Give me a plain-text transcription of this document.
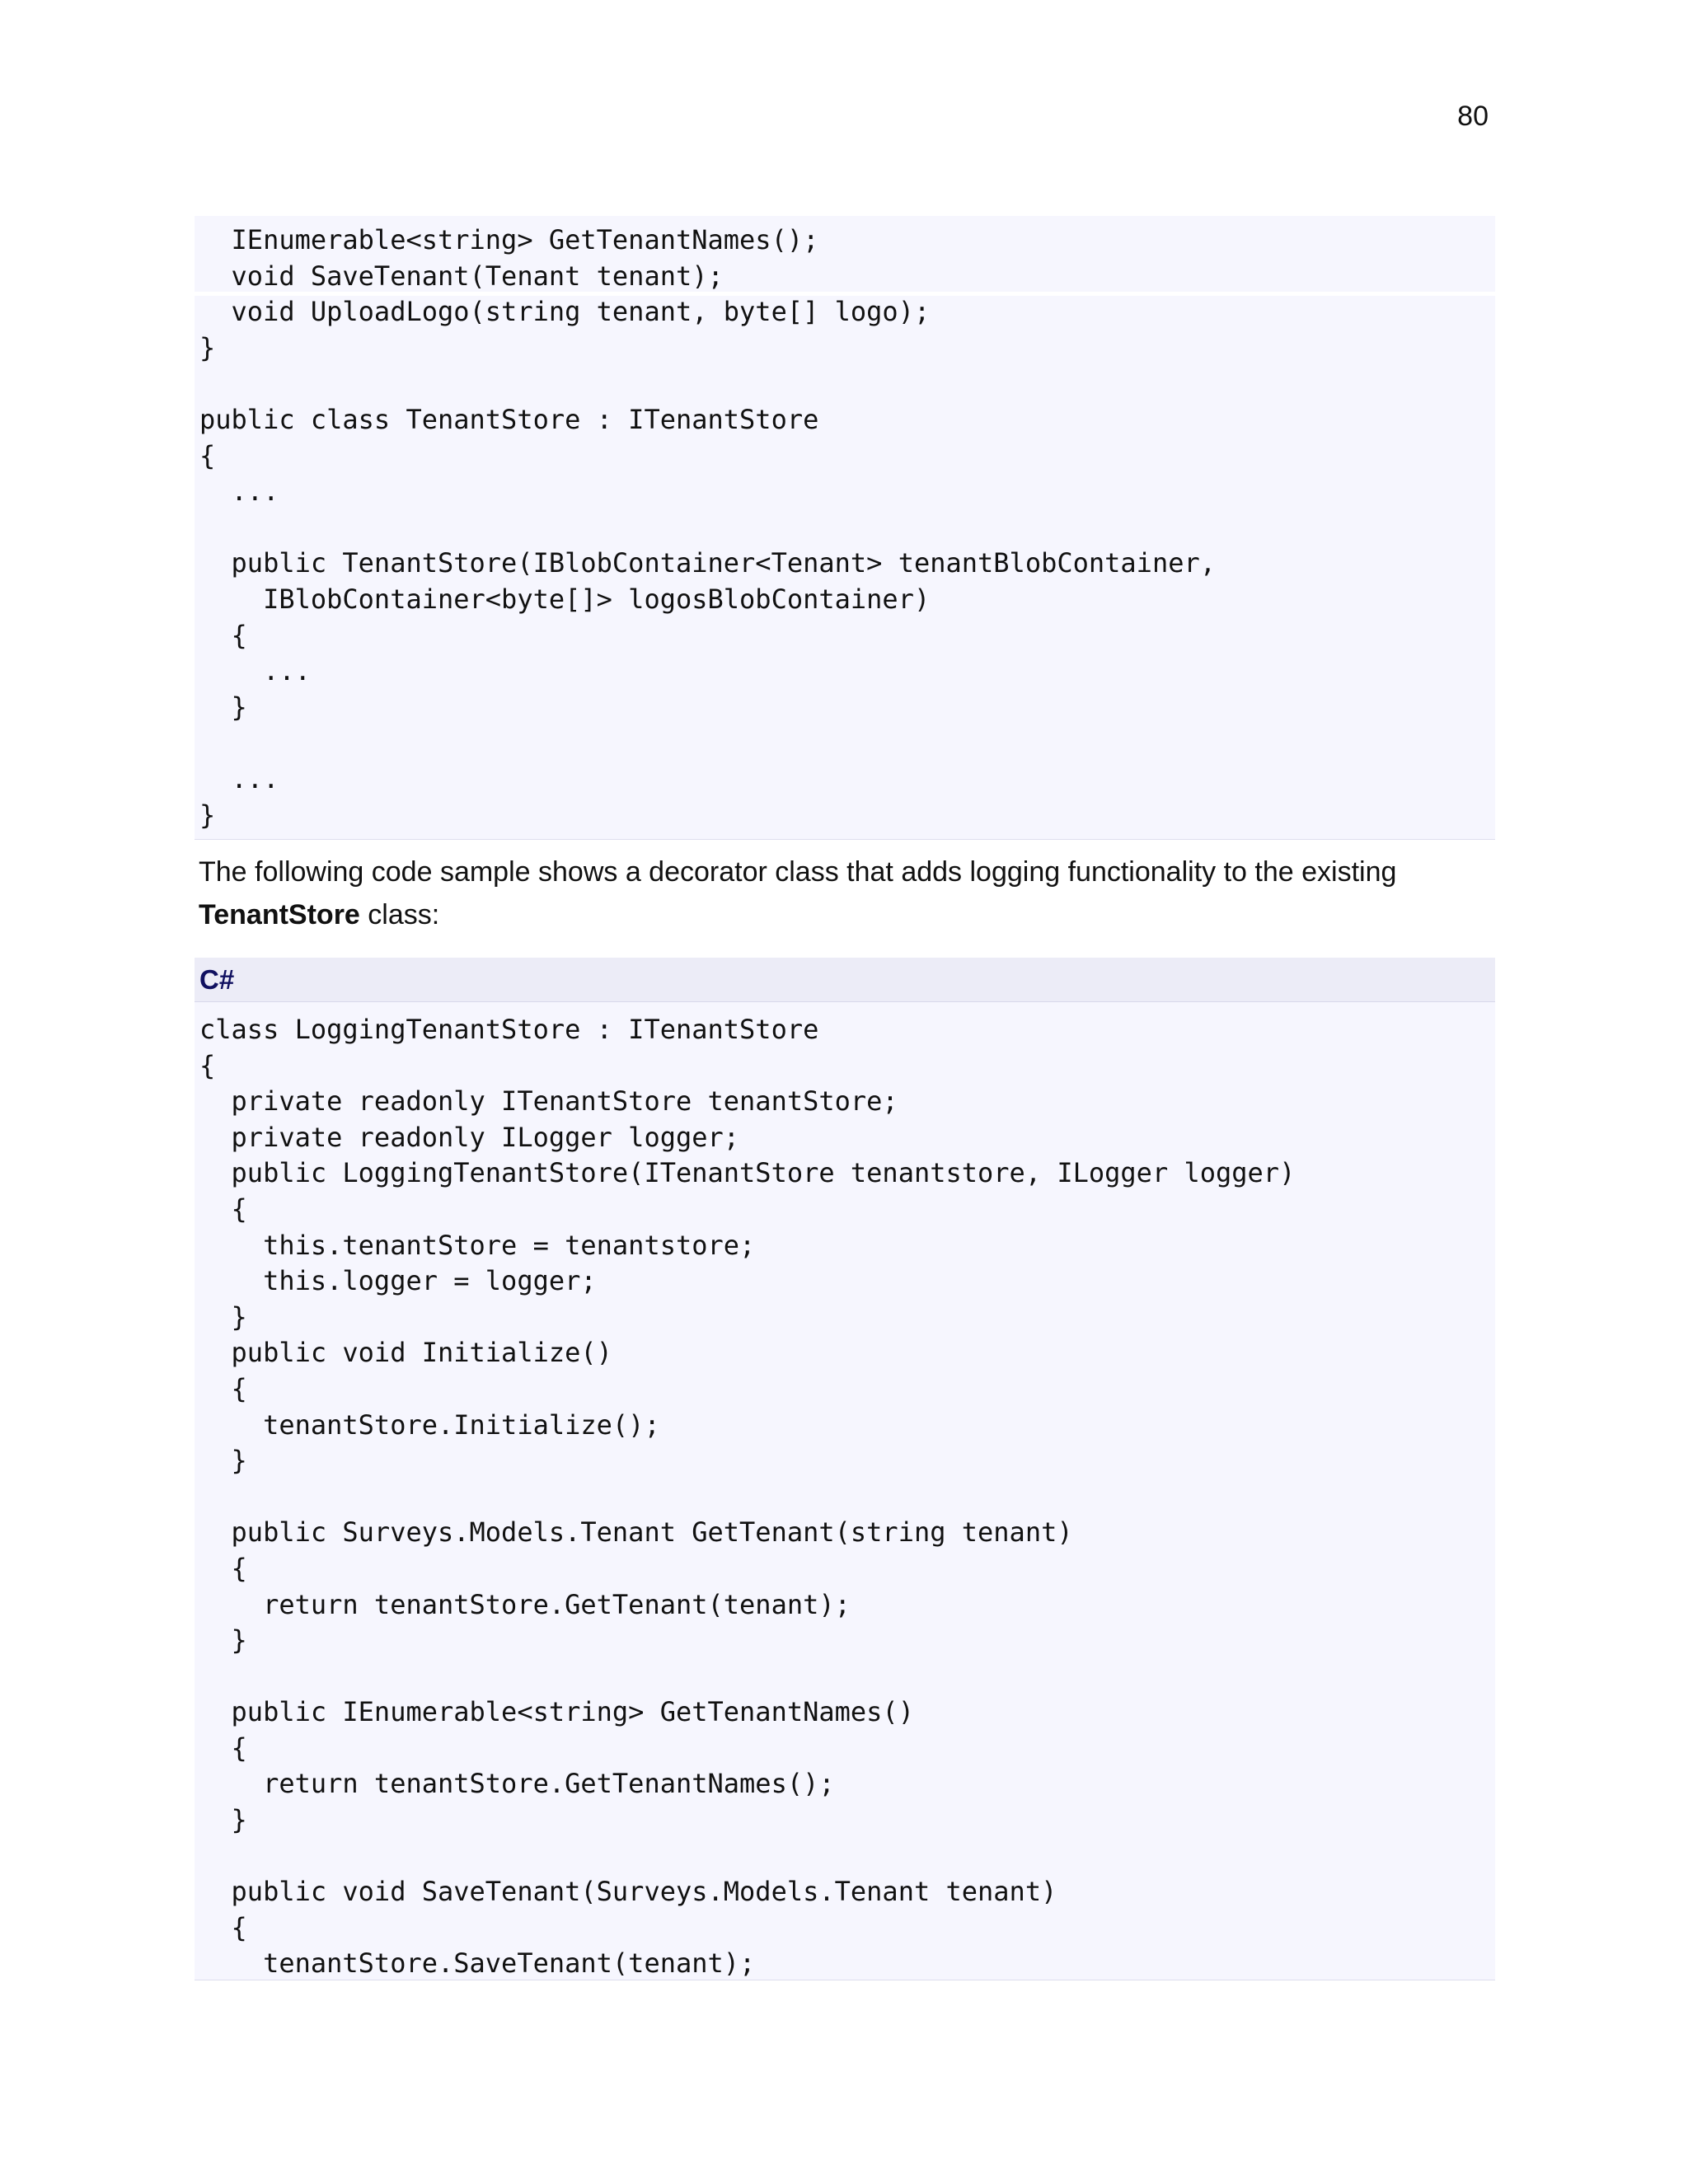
80
IEnumerable<string> GetTenantNames();
void SaveTenant(Tenant tenant);
void UploadLogo(string tenant, byte[] logo);
}
public class TenantStore : ITenantStore
{
...
public TenantStore(IBlobContainer<Tenant> tenantBlobContainer,
IBlobContainer<byte[]> logosBlobContainer)
{
...
}
...
}
The following code sample shows a decorator class that adds logging functionality to the existing TenantStore class:
C#
class LoggingTenantStore : ITenantStore
{
private readonly ITenantStore tenantStore;
private readonly ILogger logger;
public LoggingTenantStore(ITenantStore tenantstore, ILogger logger)
{
this.tenantStore = tenantstore;
this.logger = logger;
}
public void Initialize()
{
tenantStore.Initialize();
}
public Surveys.Models.Tenant GetTenant(string tenant)
{
return tenantStore.GetTenant(tenant);
}
public IEnumerable<string> GetTenantNames()
{
return tenantStore.GetTenantNames();
}
public void SaveTenant(Surveys.Models.Tenant tenant)
{
tenantStore.SaveTenant(tenant);
